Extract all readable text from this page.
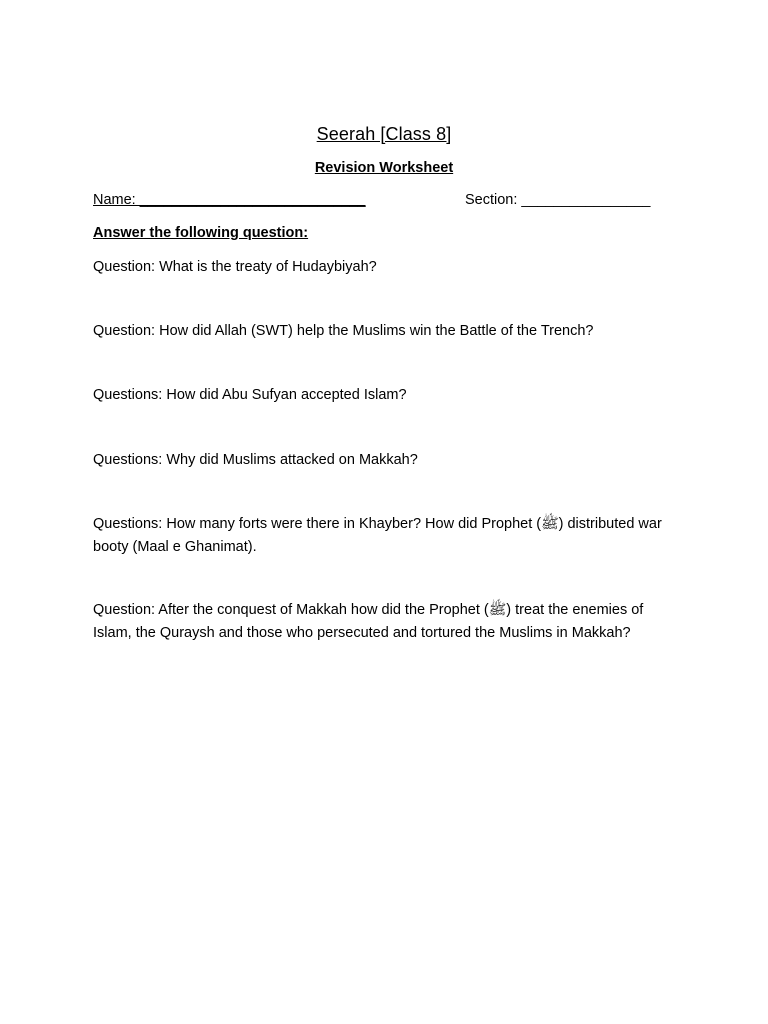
Seerah [Class 8]
Revision Worksheet
Name: ____________________________	Section: ________________
Answer the following question:
Question: What is the treaty of Hudaybiyah?
Question: How did Allah (SWT) help the Muslims win the Battle of the Trench?
Questions: How did Abu Sufyan accepted Islam?
Questions: Why did Muslims attacked on Makkah?
Questions: How many forts were there in Khayber? How did Prophet (ﷺ) distributed war booty (Maal e Ghanimat).
Question: After the conquest of Makkah how did the Prophet (ﷺ) treat the enemies of Islam, the Quraysh and those who persecuted and tortured the Muslims in Makkah?
